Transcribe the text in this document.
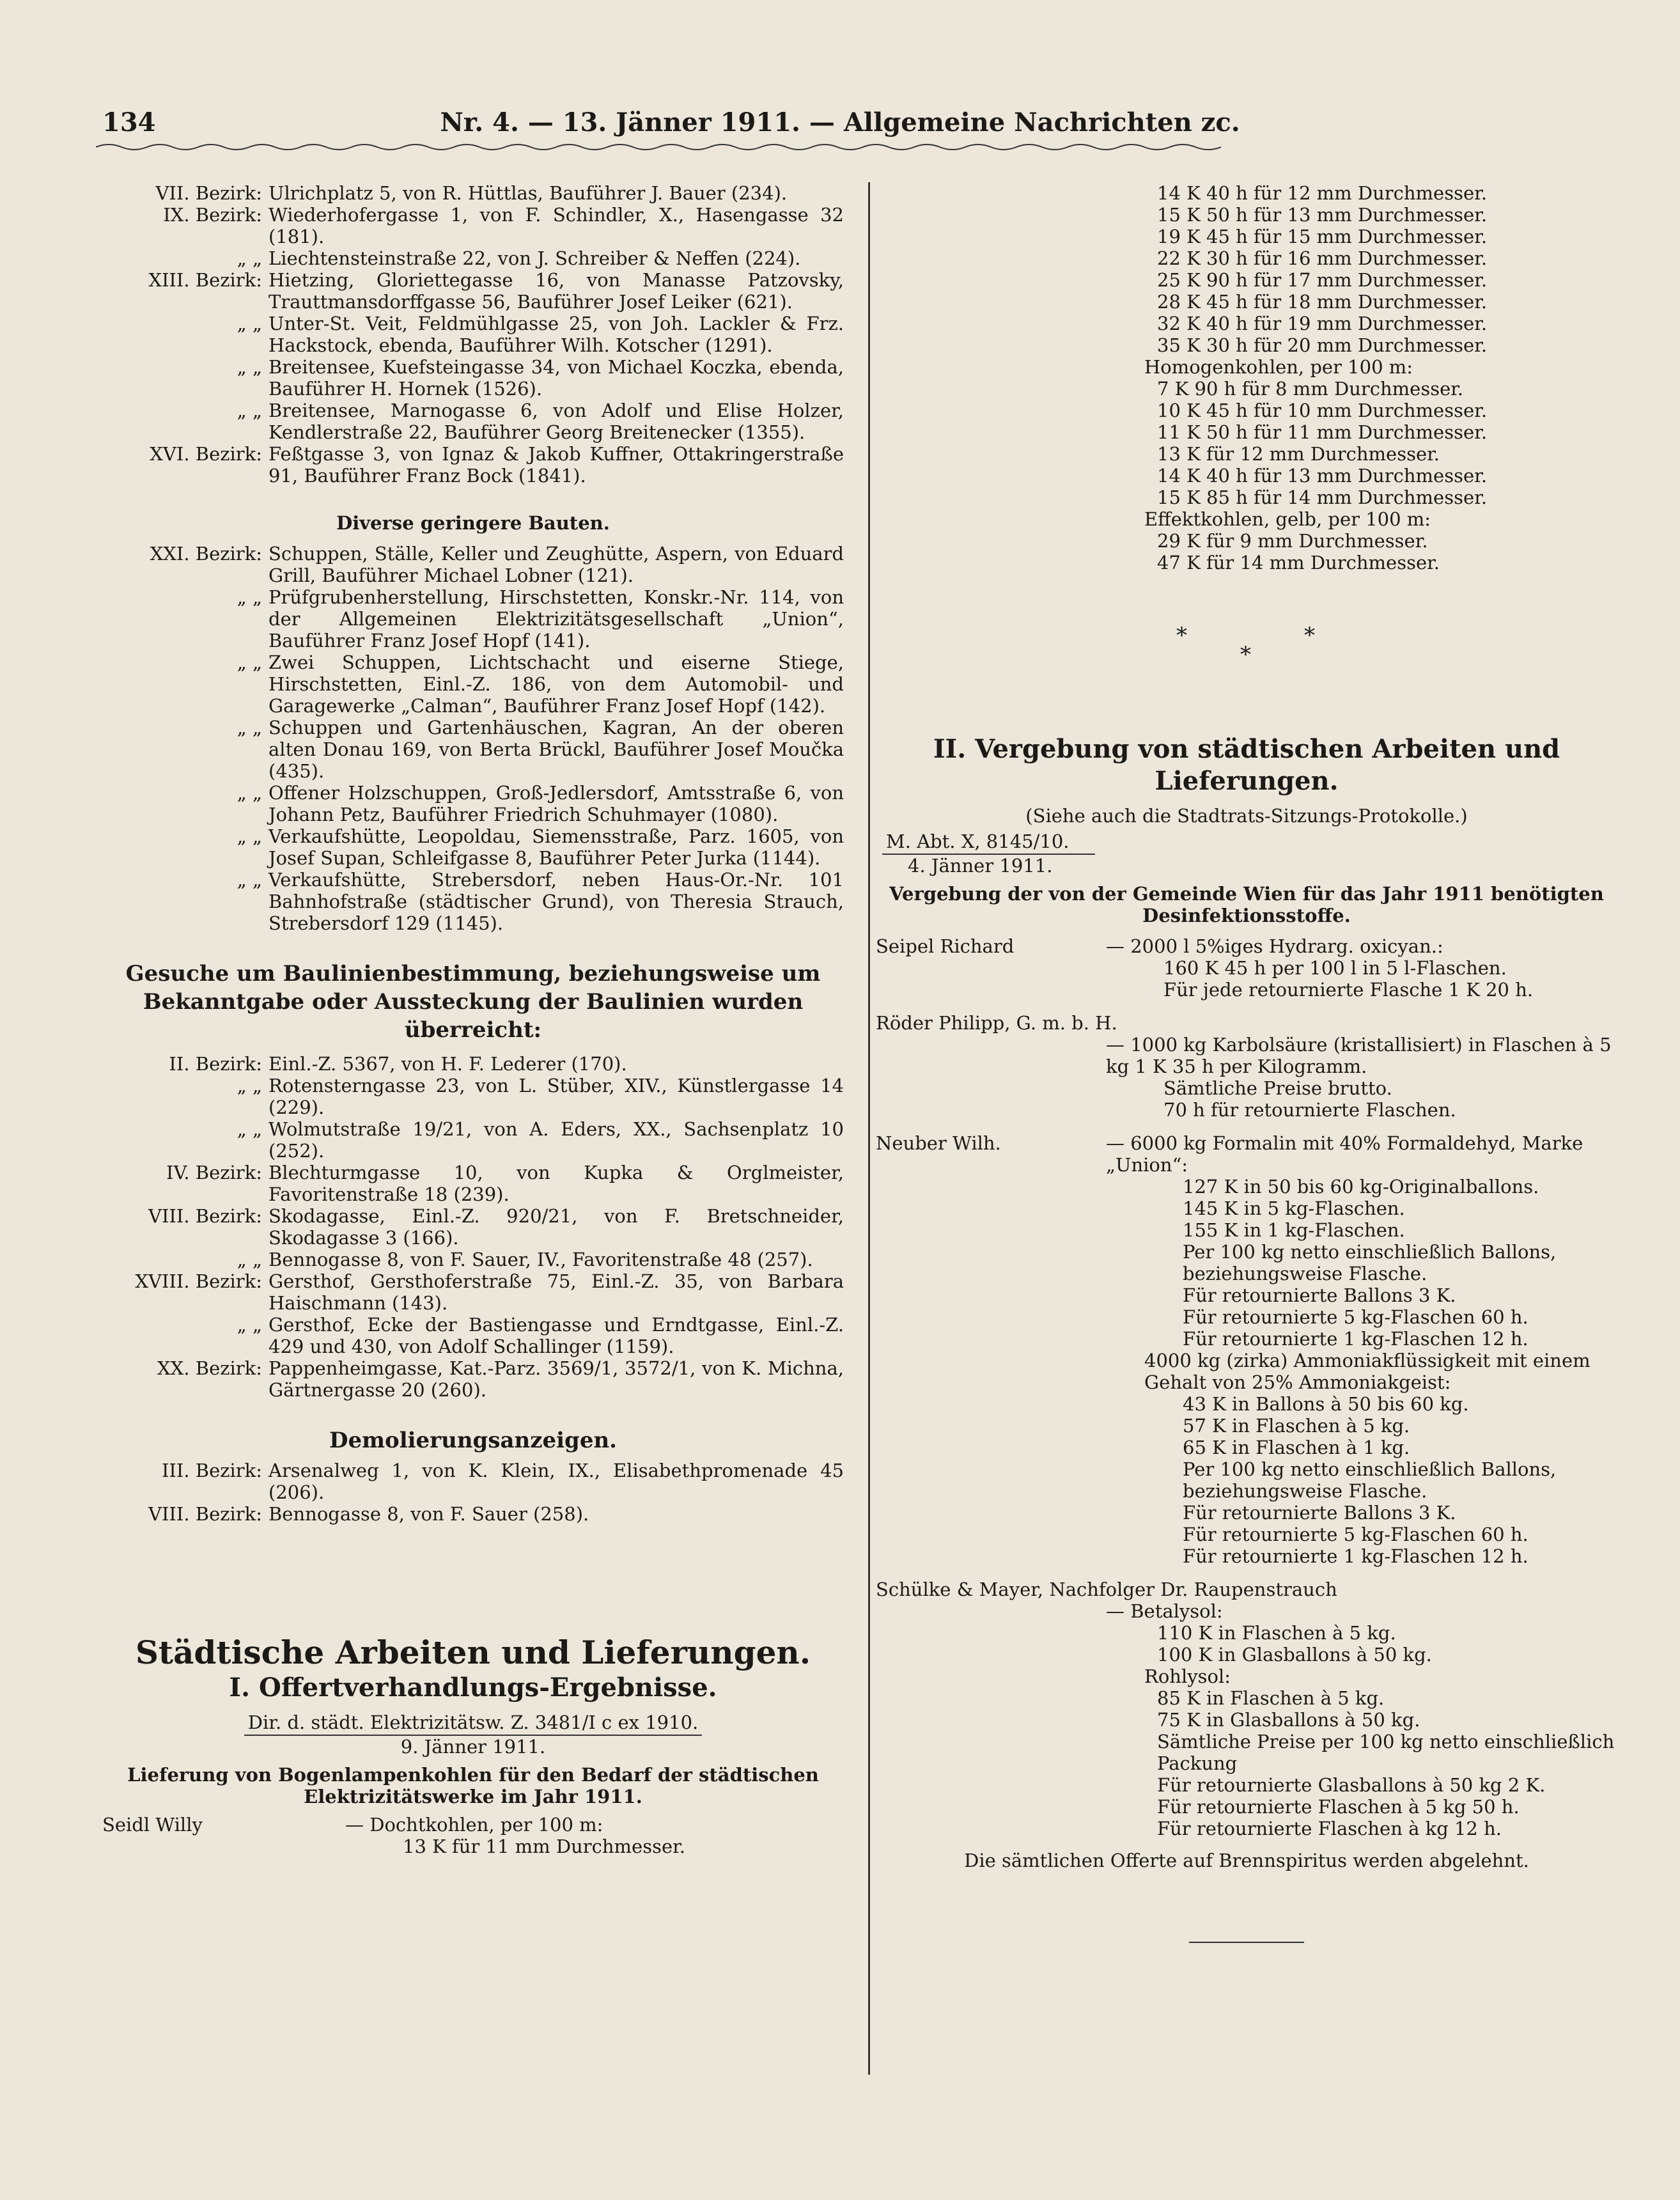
134	Nr. 4. — 13. Jänner 1911. — Allgemeine Nachrichten zc.
VII. Bezirk: Ulrichplatz 5, von R. Hüttlas, Bauführer J. Bauer (234).
IX. Bezirk: Wiederhofergasse 1, von F. Schindler, X., Hasengasse 32 (181).
„ „ Liechtensteinstraße 22, von J. Schreiber & Neffen (224).
XIII. Bezirk: Hietzing, Gloriettegasse 16, von Manasse Patzovsky, Trauttmansdorffgasse 56, Bauführer Josef Leiker (621).
„ „ Unter-St. Veit, Feldmühlgasse 25, von Joh. Lackler & Frz. Hackstock, ebenda, Bauführer Wilh. Kotscher (1291).
„ „ Breitensee, Kuefsteingasse 34, von Michael Koczka, ebenda, Bauführer H. Hornek (1526).
„ „ Breitensee, Marnogasse 6, von Adolf und Elise Holzer, Kendlerstraße 22, Bauführer Georg Breitenecker (1355).
XVI. Bezirk: Feßtgasse 3, von Ignaz & Jakob Kuffner, Ottakringerstraße 91, Bauführer Franz Bock (1841).

Diverse geringere Bauten.

XXI. Bezirk: Schuppen, Ställe, Keller und Zeughütte, Aspern, von Eduard Grill, Bauführer Michael Lobner (121).
„ „ Prüfgrubenherstellung, Hirschstetten, Konskr.-Nr. 114, von der Allgemeinen Elektrizitätsgesellschaft „Union“, Bauführer Franz Josef Hopf (141).
„ „ Zwei Schuppen, Lichtschacht und eiserne Stiege, Hirschstetten, Einl.-Z. 186, von dem Automobil- und Garagewerke „Calman“, Bauführer Franz Josef Hopf (142).
„ „ Schuppen und Gartenhäuschen, Kagran, An der oberen alten Donau 169, von Berta Brückl, Bauführer Josef Moučka (435).
„ „ Offener Holzschuppen, Groß-Jedlersdorf, Amtsstraße 6, von Johann Petz, Bauführer Friedrich Schuhmayer (1080).
„ „ Verkaufshütte, Leopoldau, Siemensstraße, Parz. 1605, von Josef Supan, Schleifgasse 8, Bauführer Peter Jurka (1144).
„ „ Verkaufshütte, Strebersdorf, neben Haus-Or.-Nr. 101 Bahnhofstraße (städtischer Grund), von Theresia Strauch, Strebersdorf 129 (1145).

Gesuche um Baulinienbestimmung, beziehungsweise um Bekanntgabe oder Aussteckung der Baulinien wurden überreicht:

II. Bezirk: Einl.-Z. 5367, von H. F. Lederer (170).
„ „ Rotensterngasse 23, von L. Stüber, XIV., Künstlergasse 14 (229).
„ „ Wolmutstraße 19/21, von A. Eders, XX., Sachsenplatz 10 (252).
IV. Bezirk: Blechturmgasse 10, von Kupka & Orglmeister, Favoritenstraße 18 (239).
VIII. Bezirk: Skodagasse, Einl.-Z. 920/21, von F. Bretschneider, Skodagasse 3 (166).
„ „ Bennogasse 8, von F. Sauer, IV., Favoritenstraße 48 (257).
XVIII. Bezirk: Gersthof, Gersthoferstraße 75, Einl.-Z. 35, von Barbara Haischmann (143).
„ „ Gersthof, Ecke der Bastiengasse und Erndtgasse, Einl.-Z. 429 und 430, von Adolf Schallinger (1159).
XX. Bezirk: Pappenheimgasse, Kat.-Parz. 3569/1, 3572/1, von K. Michna, Gärtnergasse 20 (260).

Demolierungsanzeigen.

III. Bezirk: Arsenalweg 1, von K. Klein, IX., Elisabethpromenade 45 (206).
VIII. Bezirk: Bennogasse 8, von F. Sauer (258).

Städtische Arbeiten und Lieferungen.

I. Offertverhandlungs-Ergebnisse.

Dir. d. städt. Elektrizitätsw. Z. 3481/I c ex 1910.

9. Jänner 1911.

Lieferung von Bogenlampenkohlen für den Bedarf der städtischen Elektrizitätswerke im Jahr 1911.

Seidl Willy	— Dochtkohlen, per 100 m:
13 K für 11 mm Durchmesser.
14 K 40 h für 12 mm Durchmesser.
15 K 50 h für 13 mm Durchmesser.
19 K 45 h für 15 mm Durchmesser.
22 K 30 h für 16 mm Durchmesser.
25 K 90 h für 17 mm Durchmesser.
28 K 45 h für 18 mm Durchmesser.
32 K 40 h für 19 mm Durchmesser.
35 K 30 h für 20 mm Durchmesser.
Homogenkohlen, per 100 m:
7 K 90 h für 8 mm Durchmesser.
10 K 45 h für 10 mm Durchmesser.
11 K 50 h für 11 mm Durchmesser.
13 K für 12 mm Durchmesser.
14 K 40 h für 13 mm Durchmesser.
15 K 85 h für 14 mm Durchmesser.
Effektkohlen, gelb, per 100 m:
29 K für 9 mm Durchmesser.
47 K für 14 mm Durchmesser.
*	*
*

II. Vergebung von städtischen Arbeiten und Lieferungen.

(Siehe auch die Stadtrats-Sitzungs-Protokolle.)

M. Abt. X, 8145/10.

4. Jänner 1911.

Vergebung der von der Gemeinde Wien für das Jahr 1911 benötigten Desinfektionsstoffe.

Seipel Richard	— 2000 l 5%iges Hydrarg. oxicyan.:
160 K 45 h per 100 l in 5 l-Flaschen.
Für jede retournierte Flasche 1 K 20 h.
Röder Philipp, G. m. b. H.
— 1000 kg Karbolsäure (kristallisiert) in Flaschen à 5 kg 1 K 35 h per Kilogramm.
Sämtliche Preise brutto.
70 h für retournierte Flaschen.
Neuber Wilh.	— 6000 kg Formalin mit 40% Formaldehyd, Marke „Union“:
127 K in 50 bis 60 kg-Originalballons.
145 K in 5 kg-Flaschen.
155 K in 1 kg-Flaschen.
Per 100 kg netto einschließlich Ballons, beziehungsweise Flasche.
Für retournierte Ballons 3 K.
Für retournierte 5 kg-Flaschen 60 h.
Für retournierte 1 kg-Flaschen 12 h.
4000 kg (zirka) Ammoniakflüssigkeit mit einem Gehalt von 25% Ammoniakgeist:
43 K in Ballons à 50 bis 60 kg.
57 K in Flaschen à 5 kg.
65 K in Flaschen à 1 kg.
Per 100 kg netto einschließlich Ballons, beziehungsweise Flasche.
Für retournierte Ballons 3 K.
Für retournierte 5 kg-Flaschen 60 h.
Für retournierte 1 kg-Flaschen 12 h.
Schülke & Mayer, Nachfolger Dr. Raupenstrauch
— Betalysol:
110 K in Flaschen à 5 kg.
100 K in Glasballons à 50 kg.
Rohlysol:
85 K in Flaschen à 5 kg.
75 K in Glasballons à 50 kg.
Sämtliche Preise per 100 kg netto einschließlich Packung
Für retournierte Glasballons à 50 kg 2 K.
Für retournierte Flaschen à 5 kg 50 h.
Für retournierte Flaschen à kg 12 h.

Die sämtlichen Offerte auf Brennspiritus werden abgelehnt.
